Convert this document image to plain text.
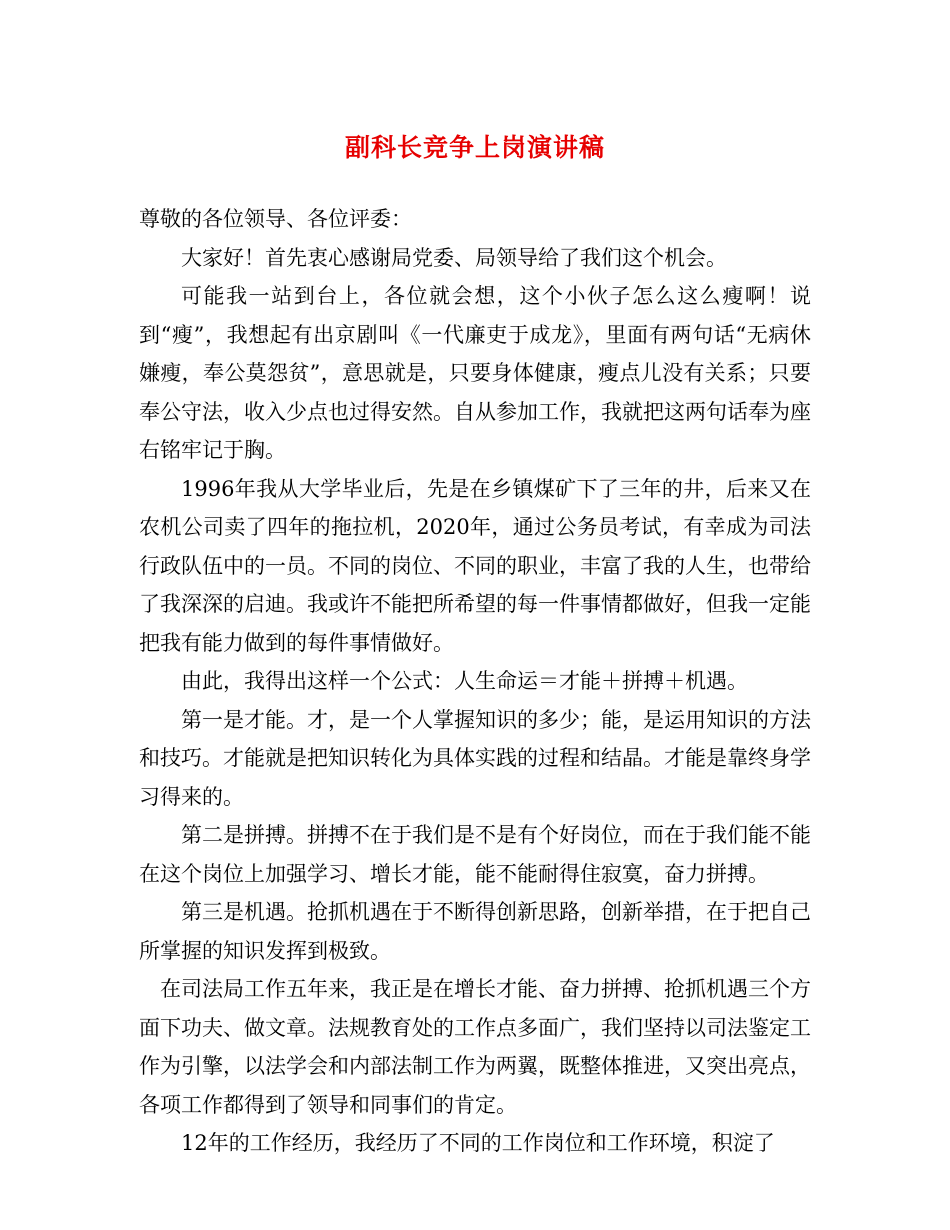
副科长竞争上岗演讲稿

尊敬的各位领导、各位评委：

大家好！首先衷心感谢局党委、局领导给了我们这个机会。

可能我一站到台上，各位就会想，这个小伙子怎么这么瘦啊！说到“瘦”，我想起有出京剧叫《一代廉吏于成龙》，里面有两句话“无病休嫌瘦，奉公莫怨贫”，意思就是，只要身体健康，瘦点儿没有关系；只要奉公守法，收入少点也过得安然。自从参加工作，我就把这两句话奉为座右铭牢记于胸。

1996年我从大学毕业后，先是在乡镇煤矿下了三年的井，后来又在农机公司卖了四年的拖拉机，2020年，通过公务员考试，有幸成为司法行政队伍中的一员。不同的岗位、不同的职业，丰富了我的人生，也带给了我深深的启迪。我或许不能把所希望的每一件事情都做好，但我一定能把我有能力做到的每件事情做好。

由此，我得出这样一个公式：人生命运＝才能＋拼搏＋机遇。

第一是才能。才，是一个人掌握知识的多少；能，是运用知识的方法和技巧。才能就是把知识转化为具体实践的过程和结晶。才能是靠终身学习得来的。

第二是拼搏。拼搏不在于我们是不是有个好岗位，而在于我们能不能在这个岗位上加强学习、增长才能，能不能耐得住寂寞，奋力拼搏。

第三是机遇。抢抓机遇在于不断得创新思路，创新举措，在于把自己所掌握的知识发挥到极致。

在司法局工作五年来，我正是在增长才能、奋力拼搏、抢抓机遇三个方面下功夫、做文章。法规教育处的工作点多面广，我们坚持以司法鉴定工作为引擎，以法学会和内部法制工作为两翼，既整体推进，又突出亮点，各项工作都得到了领导和同事们的肯定。

12年的工作经历，我经历了不同的工作岗位和工作环境，积淀了
